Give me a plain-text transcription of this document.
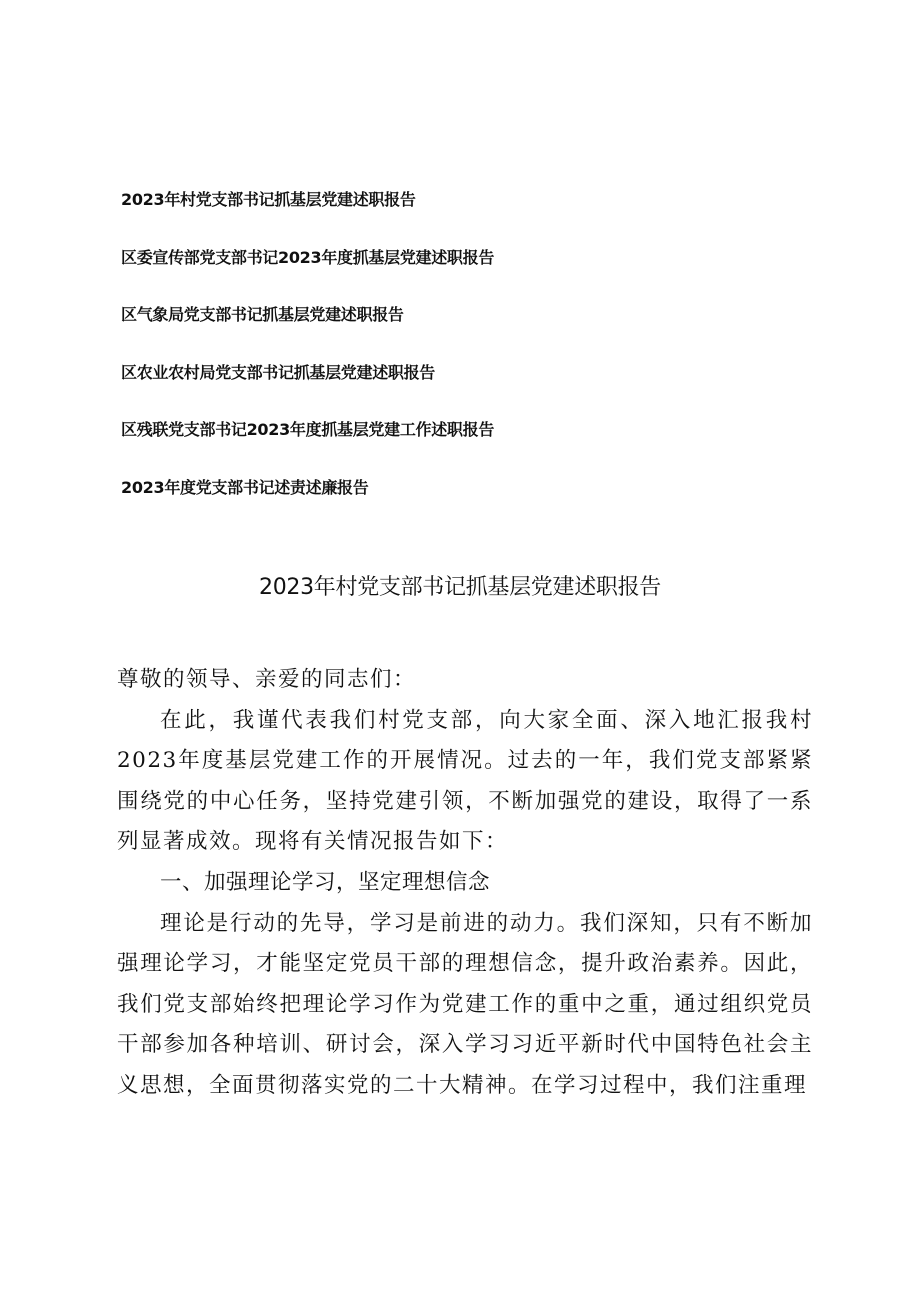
2023年村党支部书记抓基层党建述职报告
区委宣传部党支部书记2023年度抓基层党建述职报告
区气象局党支部书记抓基层党建述职报告
区农业农村局党支部书记抓基层党建述职报告
区残联党支部书记2023年度抓基层党建工作述职报告
2023年度党支部书记述责述廉报告
2023年村党支部书记抓基层党建述职报告

尊敬的领导、亲爱的同志们：

在此，我谨代表我们村党支部，向大家全面、深入地汇报我村2023年度基层党建工作的开展情况。过去的一年，我们党支部紧紧围绕党的中心任务，坚持党建引领，不断加强党的建设，取得了一系列显著成效。现将有关情况报告如下：

一、加强理论学习，坚定理想信念

理论是行动的先导，学习是前进的动力。我们深知，只有不断加强理论学习，才能坚定党员干部的理想信念，提升政治素养。因此，我们党支部始终把理论学习作为党建工作的重中之重，通过组织党员干部参加各种培训、研讨会，深入学习习近平新时代中国特色社会主义思想，全面贯彻落实党的二十大精神。在学习过程中，我们注重理
